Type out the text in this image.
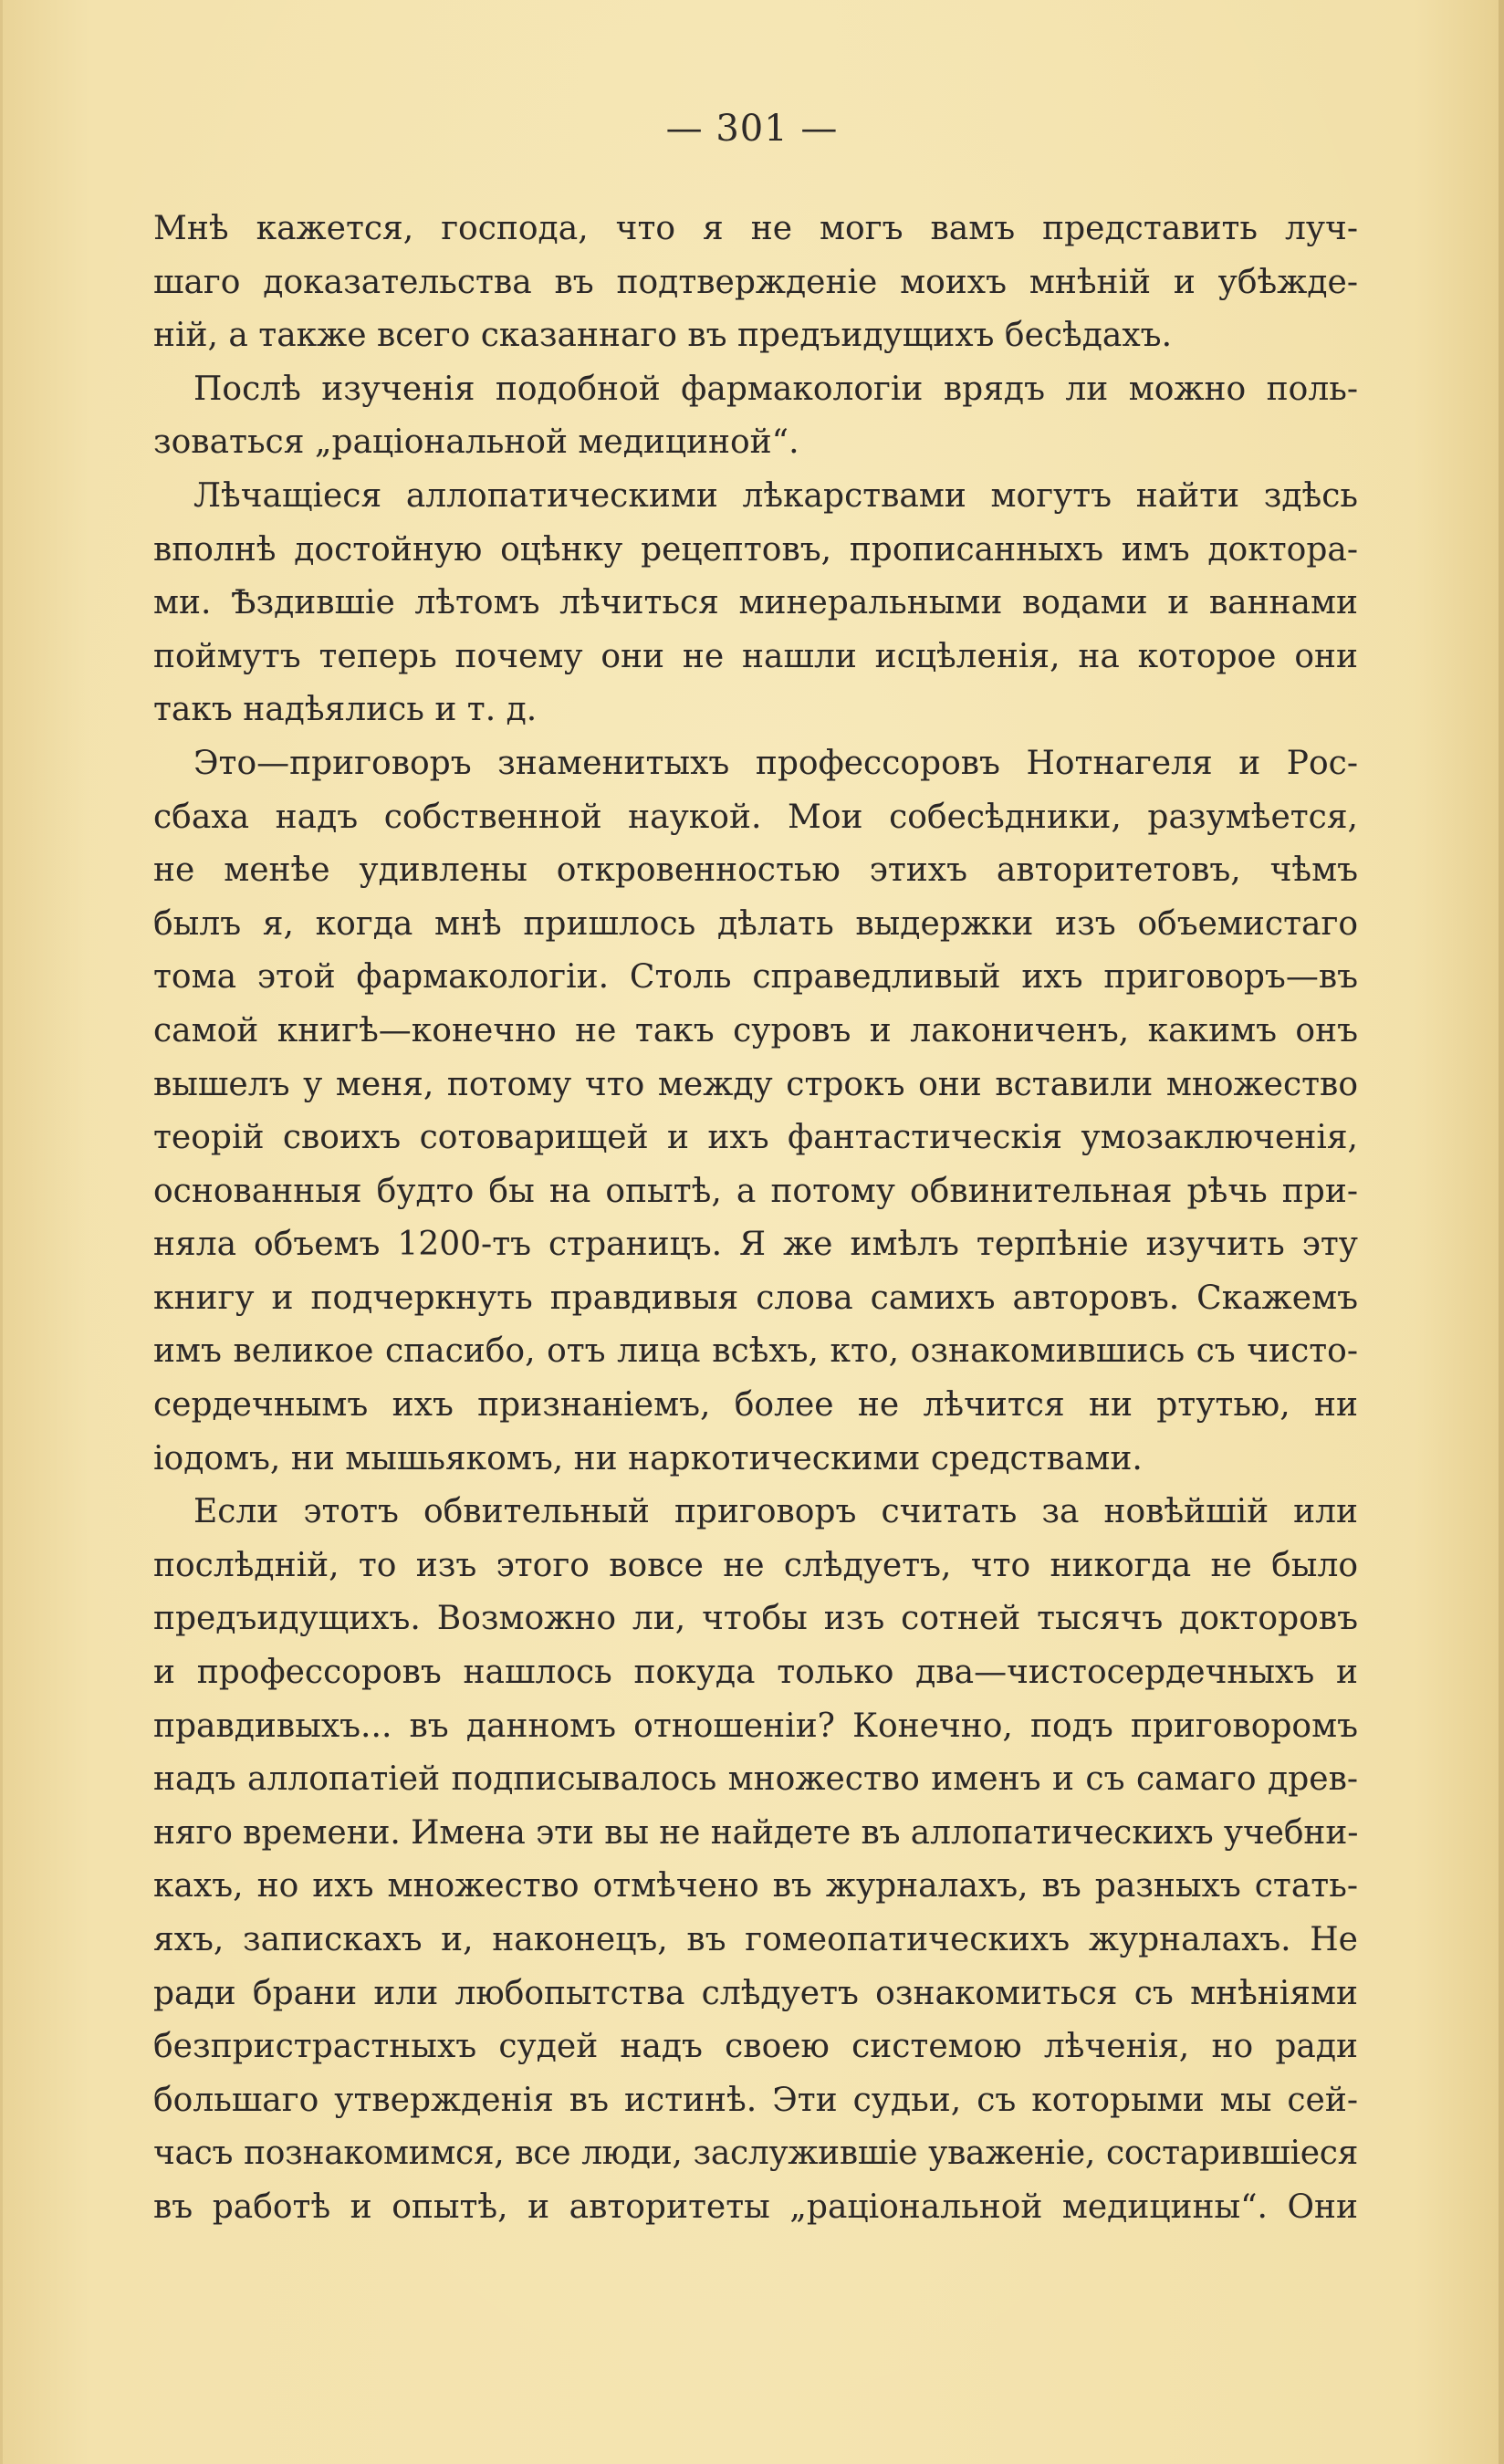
— 301 —

Мнѣ кажется, господа, что я не могъ вамъ представить луч-
шаго доказательства въ подтвержденіе моихъ мнѣній и убѣжде-
ній, а также всего сказаннаго въ предъидущихъ бесѣдахъ.

Послѣ изученія подобной фармакологіи врядъ ли можно поль-
зоваться „раціональной медициной“.

Лѣчащіеся аллопатическими лѣкарствами могутъ найти здѣсь
вполнѣ достойную оцѣнку рецептовъ, прописанныхъ имъ доктора-
ми. Ѣздившіе лѣтомъ лѣчиться минеральными водами и ваннами
поймутъ теперь почему они не нашли исцѣленія, на которое они
такъ надѣялись и т. д.

Это—приговоръ знаменитыхъ профессоровъ Нотнагеля и Рос-
сбаха надъ собственной наукой. Мои собесѣдники, разумѣется,
не менѣе удивлены откровенностью этихъ авторитетовъ, чѣмъ
былъ я, когда мнѣ пришлось дѣлать выдержки изъ объемистаго
тома этой фармакологіи. Столь справедливый ихъ приговоръ—въ
самой книгѣ—конечно не такъ суровъ и лакониченъ, какимъ онъ
вышелъ у меня, потому что между строкъ они вставили множество
теорій своихъ сотоварищей и ихъ фантастическія умозаключенія,
основанныя будто бы на опытѣ, а потому обвинительная рѣчь при-
няла объемъ 1200-тъ страницъ. Я же имѣлъ терпѣніе изучить эту
книгу и подчеркнуть правдивыя слова самихъ авторовъ. Скажемъ
имъ великое спасибо, отъ лица всѣхъ, кто, ознакомившись съ чисто-
сердечнымъ ихъ признаніемъ, более не лѣчится ни ртутью, ни
іодомъ, ни мышьякомъ, ни наркотическими средствами.

Если этотъ обвительный приговоръ считать за новѣйшій или
послѣдній, то изъ этого вовсе не слѣдуетъ, что никогда не было
предъидущихъ. Возможно ли, чтобы изъ сотней тысячъ докторовъ
и профессоровъ нашлось покуда только два—чистосердечныхъ и
правдивыхъ... въ данномъ отношеніи? Конечно, подъ приговоромъ
надъ аллопатіей подписывалось множество именъ и съ самаго древ-
няго времени. Имена эти вы не найдете въ аллопатическихъ учебни-
кахъ, но ихъ множество отмѣчено въ журналахъ, въ разныхъ стать-
яхъ, запискахъ и, наконецъ, въ гомеопатическихъ журналахъ. Не
ради брани или любопытства слѣдуетъ ознакомиться съ мнѣніями
безпристрастныхъ судей надъ своею системою лѣченія, но ради
большаго утвержденія въ истинѣ. Эти судьи, съ которыми мы сей-
часъ познакомимся, все люди, заслужившіе уваженіе, состарившіеся
въ работѣ и опытѣ, и авторитеты „раціональной медицины“. Они
